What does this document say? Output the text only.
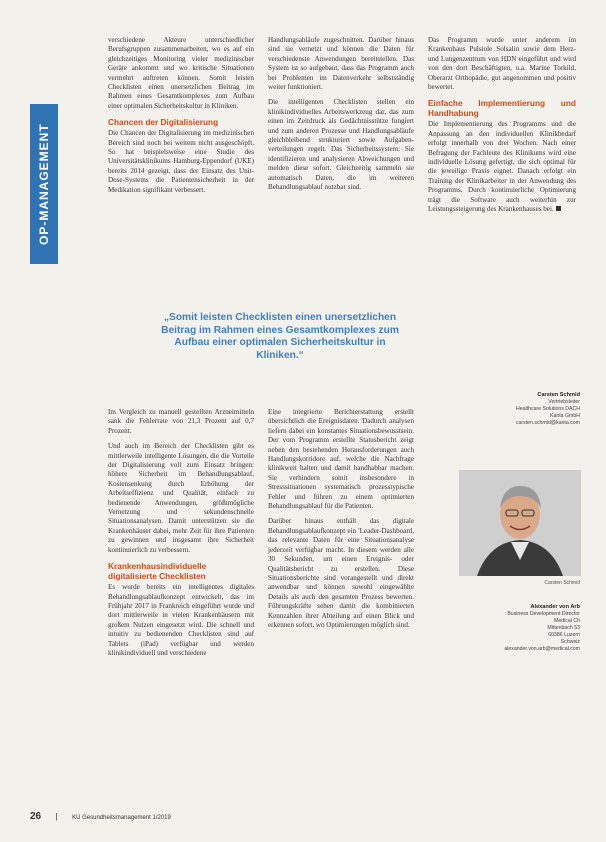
OP-MANAGEMENT

verschiedene Akteure unterschiedlicher Berufsgruppen zusammenarbeiten, wo es auf ein gleichzeitiges Monitoring vieler medizinischer Geräte ankommt und wo kritische Situationen vermehrt auftreten können. Somit leisten Checklisten einen unersetzlichen Beitrag im Rahmen eines Gesamtkomplexes zum Aufbau einer optimalen Sicherheitskultur in Kliniken.

Chancen der Digitalisierung

Die Chancen der Digitalisierung im medizinischen Bereich sind noch bei weitem nicht ausgeschöpft. So hat beispielsweise eine Studie des Universitätsklinikums Hamburg-Eppendorf (UKE) bereits 2014 gezeigt, dass der Einsatz des Unit-Dose-Systems die Patientensicherheit in der Medikation signifikant verbessert.

Handlungsabläufe zugeschnitten. Darüber hinaus sind sie vernetzt und können die Daten für verschiedenste Anwendungen bereitstellen. Das System ist so aufgebaut, dass das Programm auch bei Problemen im Datenverkehr selbstständig weiter funktioniert.

Die intelligenten Checklisten stellen ein klinikindividuelles Arbeitswerkzeug dar, das zum einen im Zeitdruck als Gedächtnisstütze fungiert und zum anderen Prozesse und Handlungsabläufe gleichbleibend strukturiert sowie Aufgaben-verteilungen regelt. Das Sicherheitssystem: Sie identifizieren und analysieren Abweichungen und melden diese sofort. Gleichzeitig sammeln sie automatisch Daten, die im weiteren Behandlungsablauf nutzbar sind.

Das Programm wurde unter anderem im Krankenhaus Pulsiole Solsalin sowie dem Herz- und Lungenzentrum von HDN eingeführt und wird von den dort Beschäftigten, u.a. Marine Torkild, Oberarzt Orthopädie, gut angenommen und positiv bewertet.

Einfache Implementierung und Handhabung

Die Implementierung des Programms und die Anpassung an den individuellen Klinikbedarf erfolgt innerhalb von drei Wochen. Nach einer Befragung der Fachleute des Klinikums wird eine individuelle Lösung gefertigt, die sich optimal für die jeweilige Praxis eignet. Danach erfolgt ein Training der Klinikarbeiter in der Anwendung des Programms. Durch kontinuierliche Optimierung trägt die Software auch weiterhin zur Leistungssteigerung des Krankenhauses bei.

„Somit leisten Checklisten einen unersetzlichen Beitrag im Rahmen eines Gesamtkomplexes zum Aufbau einer optimalen Sicherheitskultur in Kliniken.“

Im Vergleich zu manuell gestellten Arzneimitteln sank die Fehlerrate von 21,3 Prozent auf 0,7 Prozent.

Und auch im Bereich der Checklisten gibt es mittlerweile intelligente Lösungen, die die Vorteile der Digitalisierung voll zum Einsatz bringen: höhere Sicherheit im Behandlungsablauf, Kostensenkung durch Erhöhung der Arbeitseffizienz und Qualität, einfach zu bedienende Anwendungen, größtmögliche Vernetzung und sekundenschnelle Situationsanalysen. Damit unterstützen sie die Krankenhäuser dabei, mehr Zeit für ihre Patienten zu gewinnen und insgesamt ihre Sicherheit kontinuierlich zu verbessern.

Krankenhausindividuelle digitalisierte Checklisten

Es wurde bereits ein intelligentes digitales Behandlungsablaufkonzept entwickelt, das im Frühjahr 2017 in Frankreich eingeführt wurde und dort mittlerweile in vielen Krankenhäusern mit großem Nutzen eingesetzt wird. Die schnell und intuitiv zu bedienenden Checklisten sind auf Tablets (iPad) verfügbar und werden klinikindividuell und verschiedene

Eine integrierte Berichterstattung erstellt übersichtlich die Ereignisdaten. Dadurch analysen liefern dabei ein konstantes Situationsbewusstsein. Der vom Programm erstellte Statusbericht zeigt neben den bestehenden Herausforderungen auch Handlungskorridore auf, welche die Nachfrage klinikweit halten und damit handhabbar machen. Sie verhindern somit insbesondere in Stresssituationen systematisch prozesstypische Fehler und führen zu einem optimierten Behandlungsablauf für die Patienten.

Darüber hinaus enthält das digitale Behandlungsablaufkonzept ein 'Leader-Dashboard, das relevante Daten für eine Situationsanalyse jederzeit verfügbar macht. In diesem werden alle 30 Sekunden, um einen Ereignis- oder Qualitätsbericht zu erstellen. Diese Situationsberichte sind vorangestellt und direkt anwendbar und können sowohl eingewählte Details als auch den gesamten Prozess bewerten. Führungskräfte sehen damit die kombinierten Kennzahlen ihrer Abteilung auf einen Blick und erkennen sofort, wo Optimierungen möglich sind.

Carsten Schmid
Vertriebsleiter
Healthcare Solutions DACH
Kanta GmbH
carsten.schmid@kanta.com
Carsten Schmid
Alexander von Arb
Business Development Director
Medical Ch
Mittenbach 53
60386 Luzern
Schweiz
alexander.von.arb@medical.com
26 | KU Gesundheitsmanagement 1/2019
